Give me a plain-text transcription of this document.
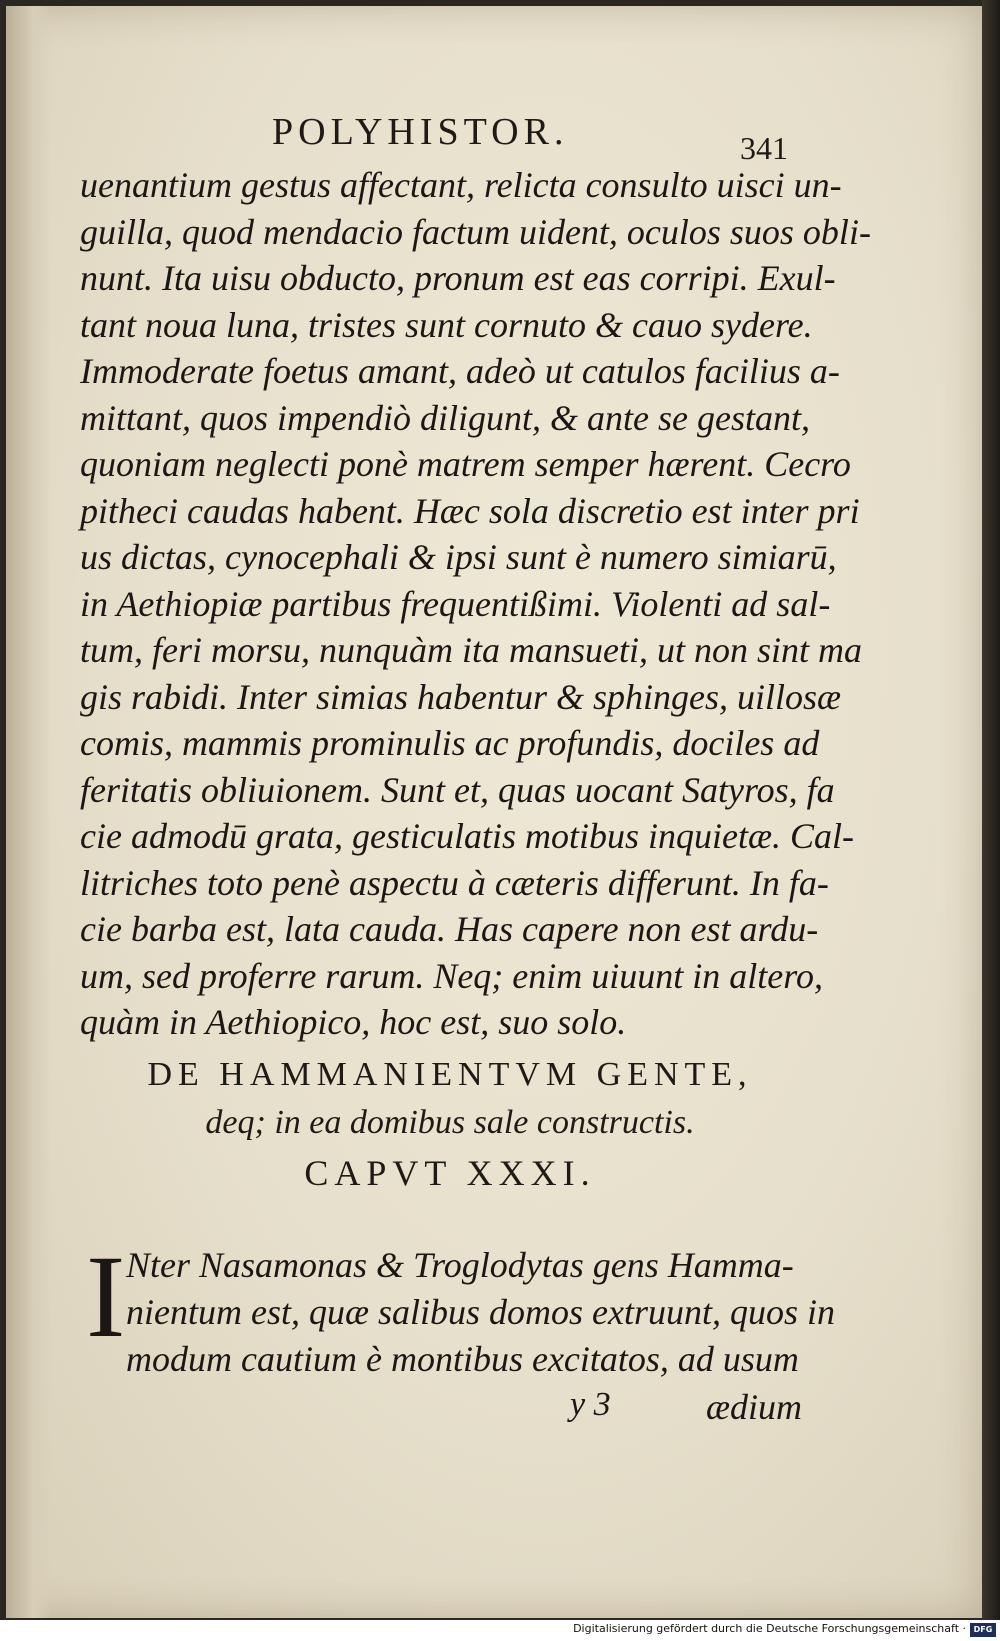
POLYHISTOR.	341
uenantium gestus affectant, relicta consulto uisci un-
guilla, quod mendacio factum uident, oculos suos obli-
nunt. Ita uisu obducto, pronum est eas corripi. Exul-
tant noua luna, tristes sunt cornuto & cauo sydere.
Immoderate foetus amant, adeò ut catulos facilius a-
mittant, quos impendiò diligunt, & ante se gestant,
quoniam neglecti ponè matrem semper hærent. Cecro
pitheci caudas habent. Hæc sola discretio est inter pri
us dictas, cynocephali & ipsi sunt è numero simiarū,
in Aethiopiæ partibus frequentißimi. Violenti ad sal-
tum, feri morsu, nunquàm ita mansueti, ut non sint ma
gis rabidi. Inter simias habentur & sphinges, uillosæ
comis, mammis prominulis ac profundis, dociles ad
feritatis obliuionem. Sunt et, quas uocant Satyros, fa
cie admodū grata, gesticulatis motibus inquietæ. Cal-
litriches toto penè aspectu à cæteris differunt. In fa-
cie barba est, lata cauda. Has capere non est ardu-
um, sed proferre rarum. Neq; enim uiuunt in altero,
quàm in Aethiopico, hoc est, suo solo.
DE HAMMANIENTVM GENTE,
deq; in ea domibus sale constructis.
CAPVT XXXI.
I Nter Nasamonas & Troglodytas gens Hamma-
nientum est, quæ salibus domos extruunt, quos in
modum cautium è montibus excitatos, ad usum
y 3	ædium
Digitalisierung gefördert durch die Deutsche Forschungsgemeinschaft · DFG
